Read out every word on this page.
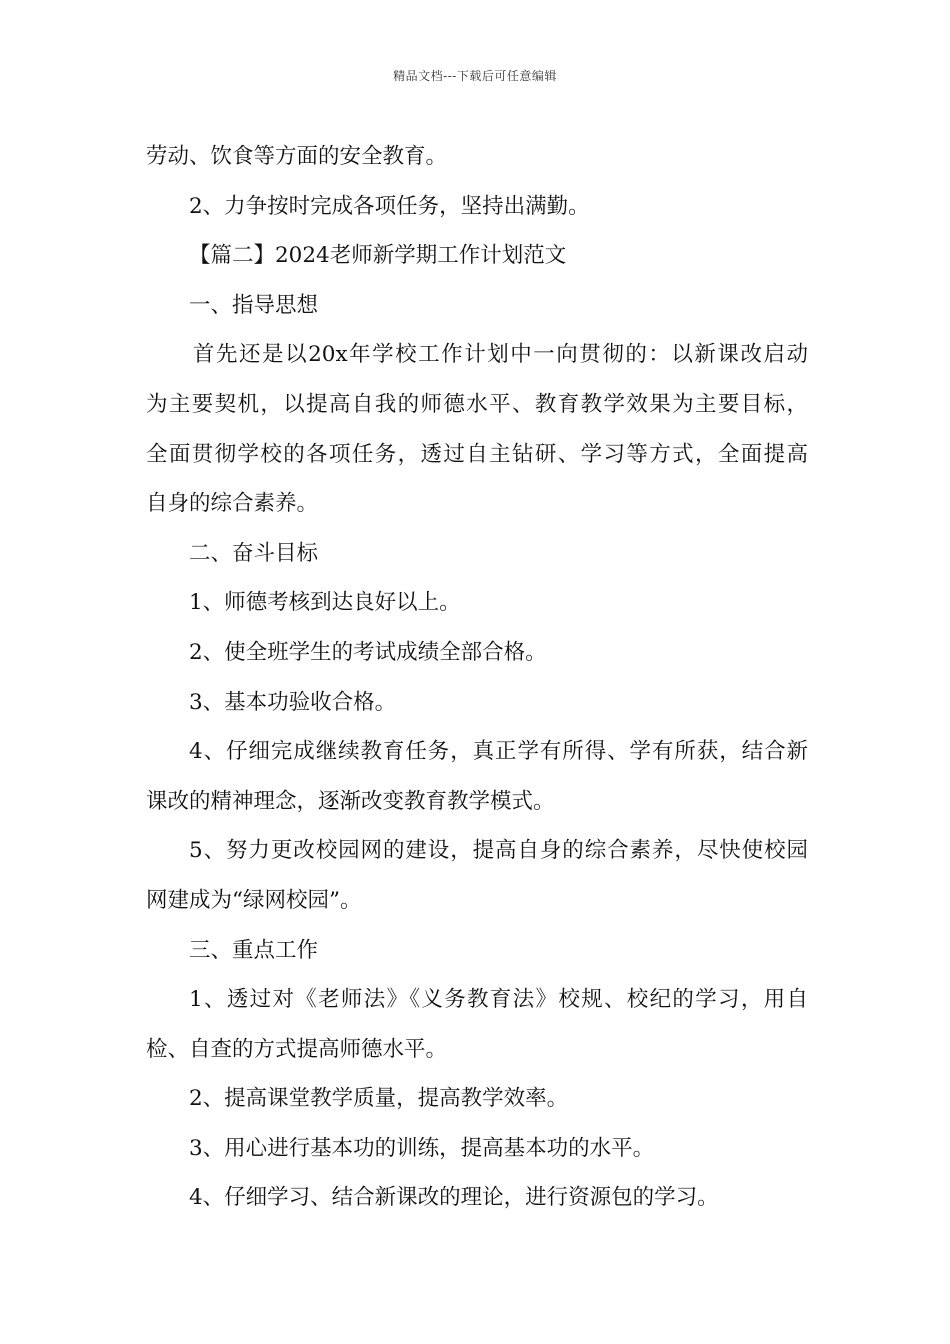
精品文档---下载后可任意编辑
劳动、饮食等方面的安全教育。
2、力争按时完成各项任务，坚持出满勤。
【篇二】2024老师新学期工作计划范文
一、指导思想
首先还是以20x年学校工作计划中一向贯彻的：以新课改启动
为主要契机，以提高自我的师德水平、教育教学效果为主要目标，
全面贯彻学校的各项任务，透过自主钻研、学习等方式，全面提高
自身的综合素养。
二、奋斗目标
1、师德考核到达良好以上。
2、使全班学生的考试成绩全部合格。
3、基本功验收合格。
4、仔细完成继续教育任务，真正学有所得、学有所获，结合新
课改的精神理念，逐渐改变教育教学模式。
5、努力更改校园网的建设，提高自身的综合素养，尽快使校园
网建成为“绿网校园”。
三、重点工作
1、透过对《老师法》《义务教育法》校规、校纪的学习，用自
检、自查的方式提高师德水平。
2、提高课堂教学质量，提高教学效率。
3、用心进行基本功的训练，提高基本功的水平。
4、仔细学习、结合新课改的理论，进行资源包的学习。
